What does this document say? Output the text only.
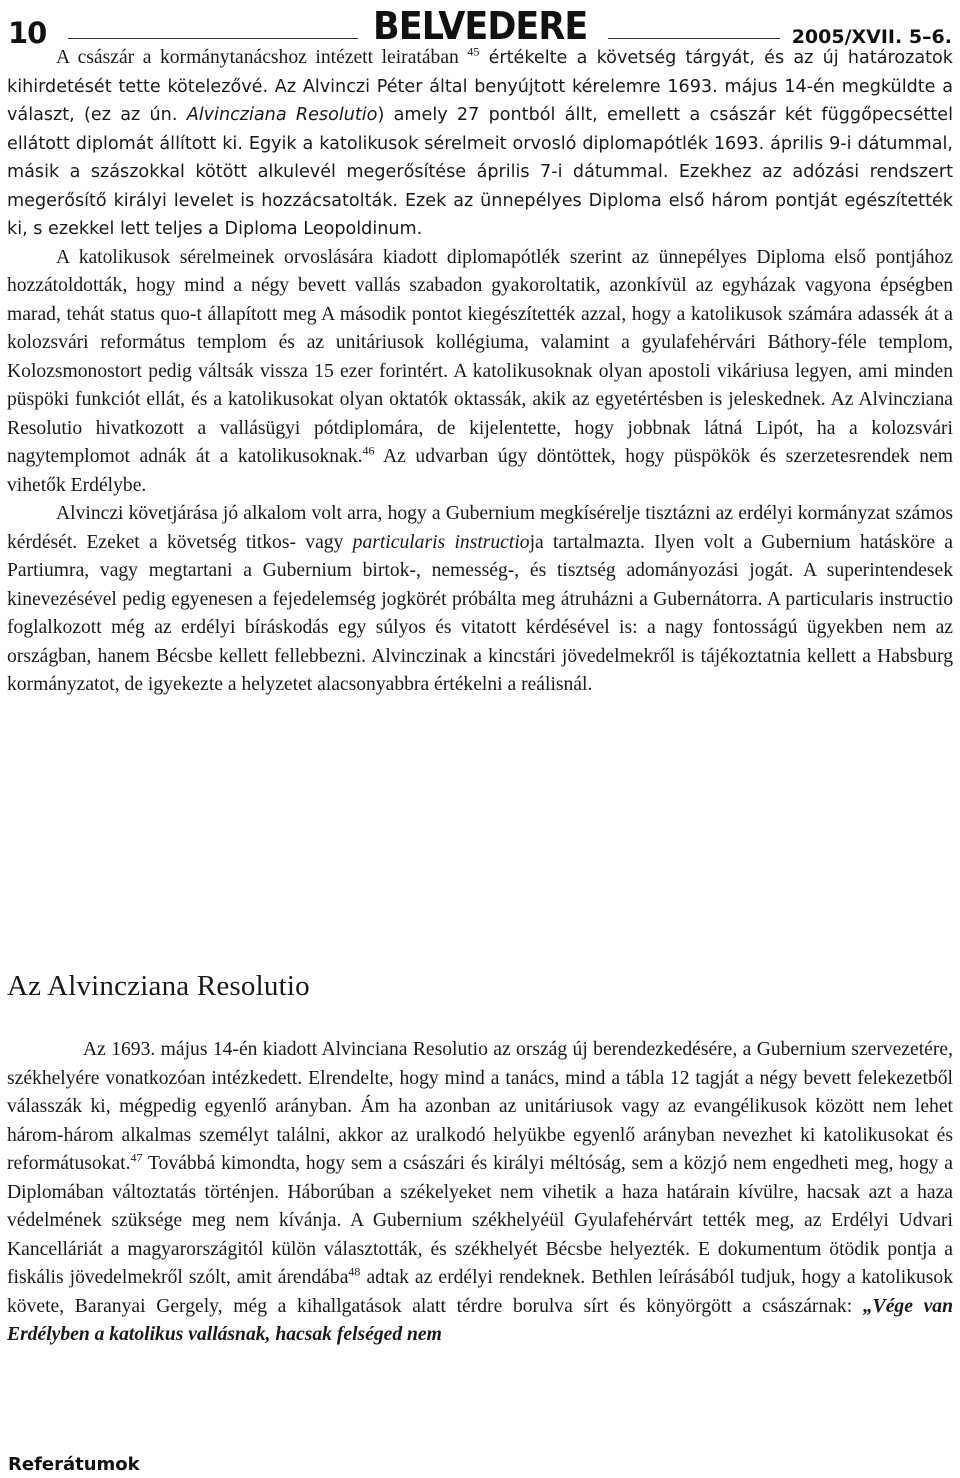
10	BELVEDERE	2005/XVII. 5–6.

A császár a kormánytanácshoz intézett leiratában $^{45}$ értékelte a követség tárgyát, és az új határozatok kihirdetését tette kötelezővé. Az Alvinczi Péter által benyújtott kérelemre 1693. május 14-én megküldte a választ, (ez az ún. Alvincziana Resolutio) amely 27 pontból állt, emellett a császár két függőpecséttel ellátott diplomát állított ki. Egyik a katolikusok sérelmeit orvosló diplomapótlék 1693. április 9-i dátummal, másik a szászokkal kötött alkulevél megerősítése április 7-i dátummal. Ezekhez az adózási rendszert megerősítő királyi levelet is hozzácsatolták. Ezek az ünnepélyes Diploma első három pontját egészítették ki, s ezekkel lett teljes a Diploma Leopoldinum.

A katolikusok sérelmeinek orvoslására kiadott diplomapótlék szerint az ünnepélyes Diploma első pontjához hozzátoldották, hogy mind a négy bevett vallás szabadon gyakoroltatik, azonkívül az egyházak vagyona épségben marad, tehát status quo-t állapított meg A második pontot kiegészítették azzal, hogy a katolikusok számára adassék át a kolozsvári református templom és az unitáriusok kollégiuma, valamint a gyulafehérvári Báthory-féle templom, Kolozsmonostort pedig váltsák vissza 15 ezer forintért. A katolikusoknak olyan apostoli vikáriusa legyen, ami minden püspöki funkciót ellát, és a katolikusokat olyan oktatók oktassák, akik az egyetértésben is jeleskednek. Az Alvincziana Resolutio hivatkozott a vallásügyi pótdiplomára, de kijelentette, hogy jobbnak látná Lipót, ha a kolozsvári nagytemplomot adnák át a katolikusoknak.$^{46}$ Az udvarban úgy döntöttek, hogy püspökök és szerzetesrendek nem vihetők Erdélybe.

Alvinczi követjárása jó alkalom volt arra, hogy a Gubernium megkísérelje tisztázni az erdélyi kormányzat számos kérdését. Ezeket a követség titkos- vagy particularis instructioja tartalmazta. Ilyen volt a Gubernium hatásköre a Partiumra, vagy megtartani a Gubernium birtok-, nemesség-, és tisztség adományozási jogát. A superintendesek kinevezésével pedig egyenesen a fejedelemség jogkörét próbálta meg átruházni a Gubernátorra. A particularis instructio foglalkozott még az erdélyi bíráskodás egy súlyos és vitatott kérdésével is: a nagy fontosságú ügyekben nem az országban, hanem Bécsbe kellett fellebbezni. Alvinczinak a kincstári jövedelmekről is tájékoztatnia kellett a Habsburg kormányzatot, de igyekezte a helyzetet alacsonyabbra értékelni a reálisnál.

Az Alvincziana Resolutio

Az 1693. május 14-én kiadott Alvinciana Resolutio az ország új berendezkedésére, a Gubernium szervezetére, székhelyére vonatkozóan intézkedett. Elrendelte, hogy mind a tanács, mind a tábla 12 tagját a négy bevett felekezetből válasszák ki, mégpedig egyenlő arányban. Ám ha azonban az unitáriusok vagy az evangélikusok között nem lehet három-három alkalmas személyt találni, akkor az uralkodó helyükbe egyenlő arányban nevezhet ki katolikusokat és reformátusokat.$^{47}$ Továbbá kimondta, hogy sem a császári és királyi méltóság, sem a közjó nem engedheti meg, hogy a Diplomában változtatás történjen. Háborúban a székelyeket nem vihetik a haza határain kívülre, hacsak azt a haza védelmének szüksége meg nem kívánja. A Gubernium székhelyéül Gyulafehérvárt tették meg, az Erdélyi Udvari Kancelláriát a magyarországitól külön választották, és székhelyét Bécsbe helyezték. E dokumentum ötödik pontja a fiskális jövedelmekről szólt, amit árendába$^{48}$ adtak az erdélyi rendeknek. Bethlen leírásából tudjuk, hogy a katolikusok követe, Baranyai Gergely, még a kihallgatások alatt térdre borulva sírt és könyörgött a császárnak: „Vége van Erdélyben a katolikus vallásnak, hacsak felséged nem

Referátumok
